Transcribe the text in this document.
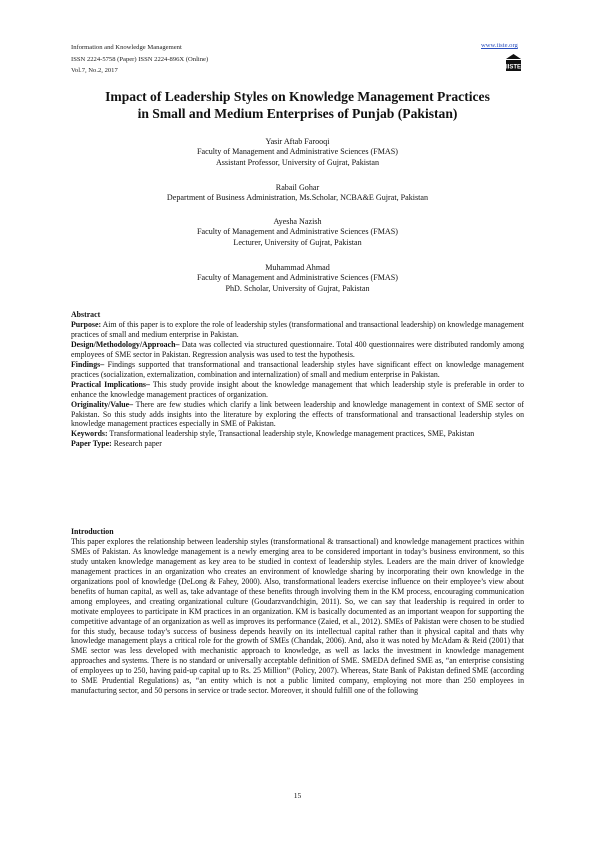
Information and Knowledge Management
ISSN 2224-5758 (Paper) ISSN 2224-896X (Online)
Vol.7, No.2, 2017
www.iiste.org
IISTE
Impact of Leadership Styles on Knowledge Management Practices
in Small and Medium Enterprises of Punjab (Pakistan)
Yasir Aftab Farooqi
Faculty of Management and Administrative Sciences (FMAS)
Assistant Professor, University of Gujrat, Pakistan
Rabail Gohar
Department of Business Administration, Ms.Scholar, NCBA&E Gujrat, Pakistan
Ayesha Nazish
Faculty of Management and Administrative Sciences (FMAS)
Lecturer, University of Gujrat, Pakistan
Muhammad Ahmad
Faculty of Management and Administrative Sciences (FMAS)
PhD. Scholar, University of Gujrat, Pakistan

Abstract

Purpose: Aim of this paper is to explore the role of leadership styles (transformational and transactional leadership) on knowledge management practices of small and medium enterprise in Pakistan.

Design/Methodology/Approach– Data was collected via structured questionnaire. Total 400 questionnaires were distributed randomly among employees of SME sector in Pakistan. Regression analysis was used to test the hypothesis.

Findings– Findings supported that transformational and transactional leadership styles have significant effect on knowledge management practices (socialization, externalization, combination and internalization) of small and medium enterprise in Pakistan.

Practical Implications– This study provide insight about the knowledge management that which leadership style is preferable in order to enhance the knowledge management practices of organization.

Originality/Value– There are few studies which clarify a link between leadership and knowledge management in context of SME sector of Pakistan. So this study adds insights into the literature by exploring the effects of transformational and transactional leadership styles on knowledge management practices especially in SME of Pakistan.

Keywords: Transformational leadership style, Transactional leadership style, Knowledge management practices, SME, Pakistan

Paper Type: Research paper

Introduction

This paper explores the relationship between leadership styles (transformational & transactional) and knowledge management practices within SMEs of Pakistan. As knowledge management is a newly emerging area to be considered important in today’s business environment, so this study untaken knowledge management as key area to be studied in context of leadership styles. Leaders are the main driver of knowledge management practices in an organization who creates an environment of knowledge sharing by incorporating their own knowledge in the organizations pool of knowledge (DeLong & Fahey, 2000). Also, transformational leaders exercise influence on their employee’s view about benefits of human capital, as well as, take advantage of these benefits through involving them in the KM process, encouraging communication among employees, and creating organizational culture (Goudarzvandchigin, 2011). So, we can say that leadership is required in order to motivate employees to participate in KM practices in an organization. KM is basically documented as an important weapon for supporting the competitive advantage of an organization as well as improves its performance (Zaied, et al., 2012). SMEs of Pakistan were chosen to be studied for this study, because today’s success of business depends heavily on its intellectual capital rather than it physical capital and thats why knowledge management plays a critical role for the growth of SMEs (Chandak, 2006). And, also it was noted by McAdam & Reid (2001) that SME sector was less developed with mechanistic approach to knowledge, as well as lacks the investment in knowledge management approaches and systems. There is no standard or universally acceptable definition of SME. SMEDA defined SME as, “an enterprise consisting of employees up to 250, having paid-up capital up to Rs. 25 Million” (Policy, 2007). Whereas, State Bank of Pakistan defined SME (according to SME Prudential Regulations) as, “an entity which is not a public limited company, employing not more than 250 employees in manufacturing sector, and 50 persons in service or trade sector. Moreover, it should fulfill one of the following

15
